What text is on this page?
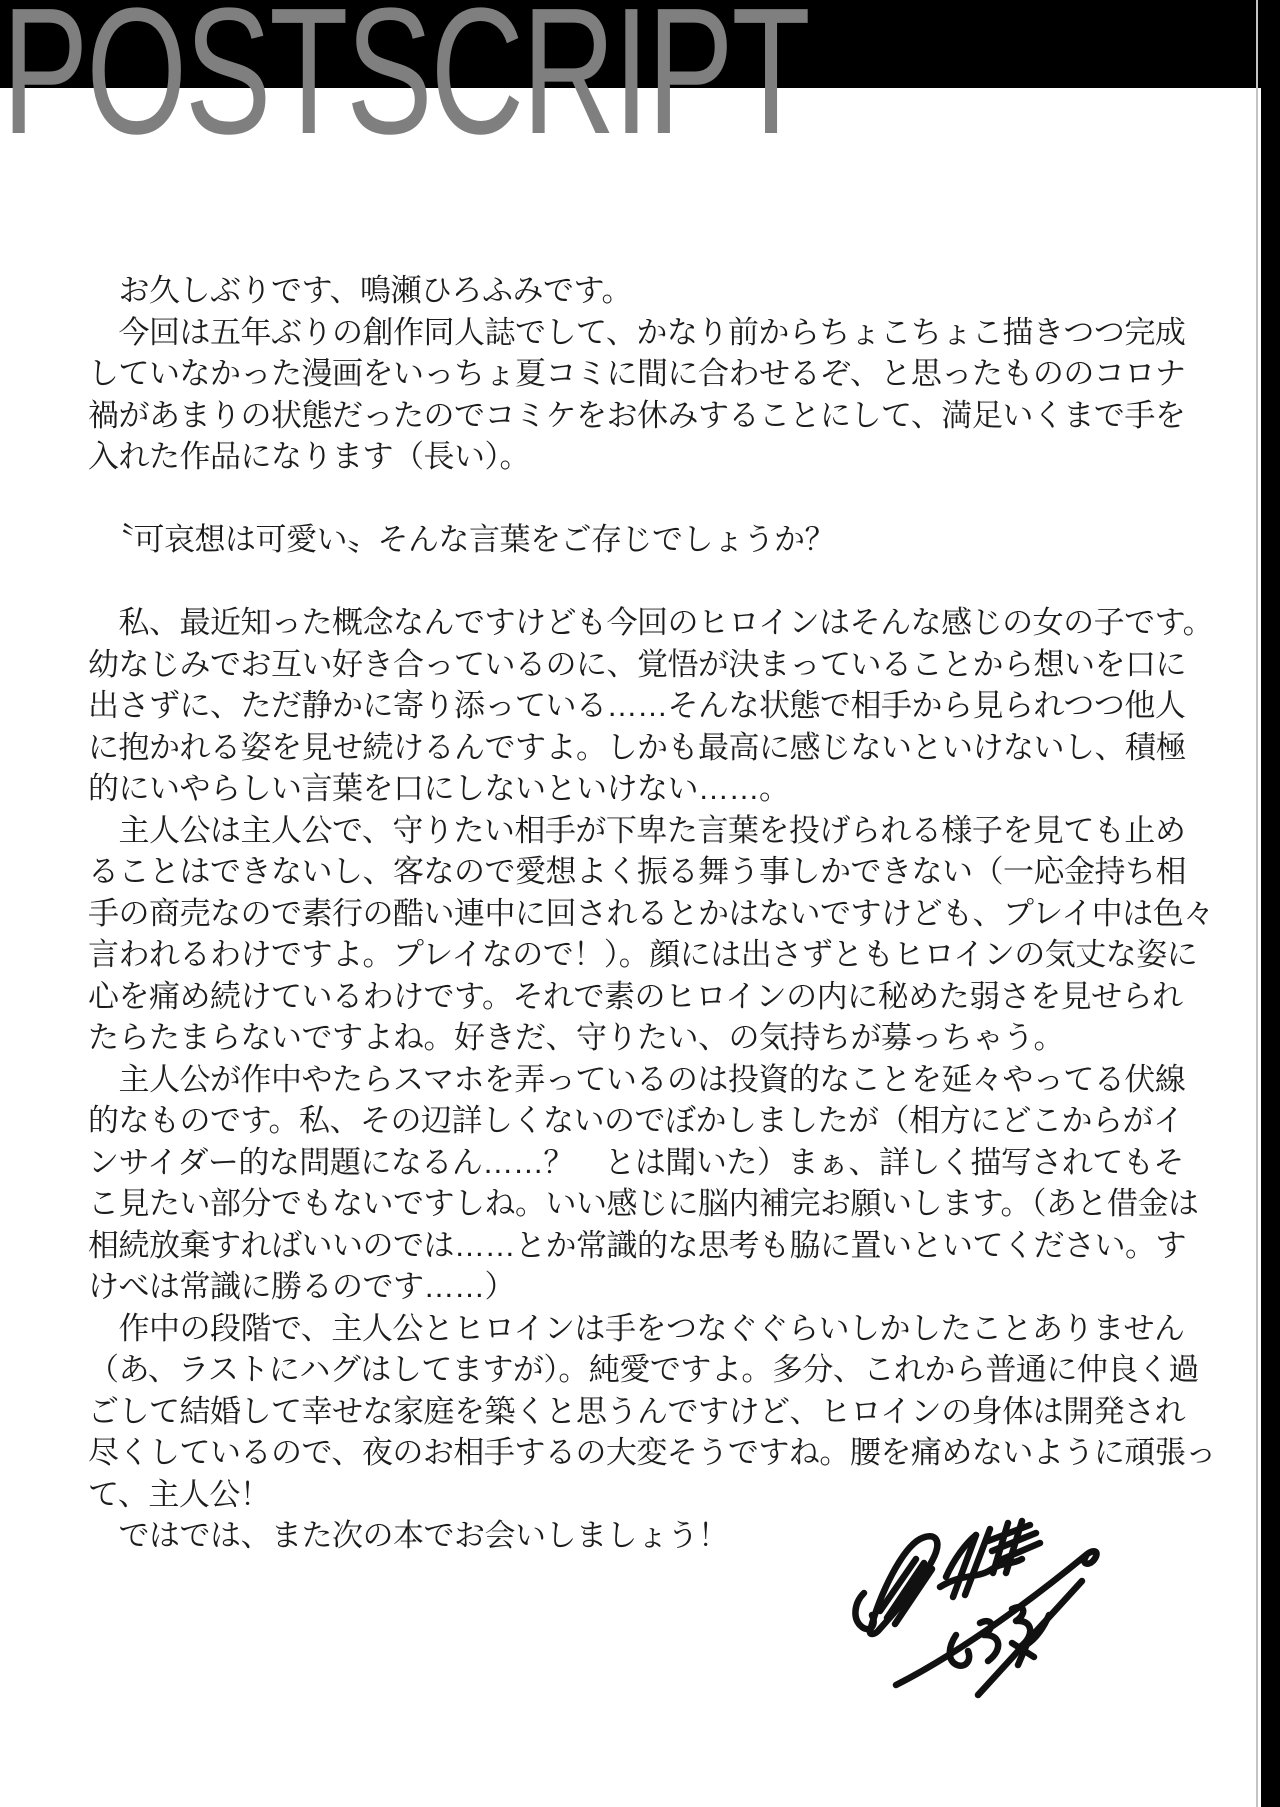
POSTSCRIPT
　お久しぶりです、鳴瀬ひろふみです。
　今回は五年ぶりの創作同人誌でして、かなり前からちょこちょこ描きつつ完成
していなかった漫画をいっちょ夏コミに間に合わせるぞ、と思ったもののコロナ
禍があまりの状態だったのでコミケをお休みすることにして、満足いくまで手を
入れた作品になります（長い）。
　〝可哀想は可愛い〟そんな言葉をご存じでしょうか？
　私、最近知った概念なんですけども今回のヒロインはそんな感じの女の子です。
幼なじみでお互い好き合っているのに、覚悟が決まっていることから想いを口に
出さずに、ただ静かに寄り添っている……そんな状態で相手から見られつつ他人
に抱かれる姿を見せ続けるんですよ。しかも最高に感じないといけないし、積極
的にいやらしい言葉を口にしないといけない……。
　主人公は主人公で、守りたい相手が下卑た言葉を投げられる様子を見ても止め
ることはできないし、客なので愛想よく振る舞う事しかできない（一応金持ち相
手の商売なので素行の酷い連中に回されるとかはないですけども、プレイ中は色々
言われるわけですよ。プレイなので！）。顔には出さずともヒロインの気丈な姿に
心を痛め続けているわけです。それで素のヒロインの内に秘めた弱さを見せられ
たらたまらないですよね。好きだ、守りたい、の気持ちが募っちゃう。
　主人公が作中やたらスマホを弄っているのは投資的なことを延々やってる伏線
的なものです。私、その辺詳しくないのでぼかしましたが（相方にどこからがイ
ンサイダー的な問題になるん……？　とは聞いた）まぁ、詳しく描写されてもそ
こ見たい部分でもないですしね。いい感じに脳内補完お願いします。（あと借金は
相続放棄すればいいのでは……とか常識的な思考も脇に置いといてください。す
けべは常識に勝るのです……）
　作中の段階で、主人公とヒロインは手をつなぐぐらいしかしたことありません
（あ、ラストにハグはしてますが）。純愛ですよ。多分、これから普通に仲良く過
ごして結婚して幸せな家庭を築くと思うんですけど、ヒロインの身体は開発され
尽くしているので、夜のお相手するの大変そうですね。腰を痛めないように頑張っ
て、主人公！
　ではでは、また次の本でお会いしましょう！
